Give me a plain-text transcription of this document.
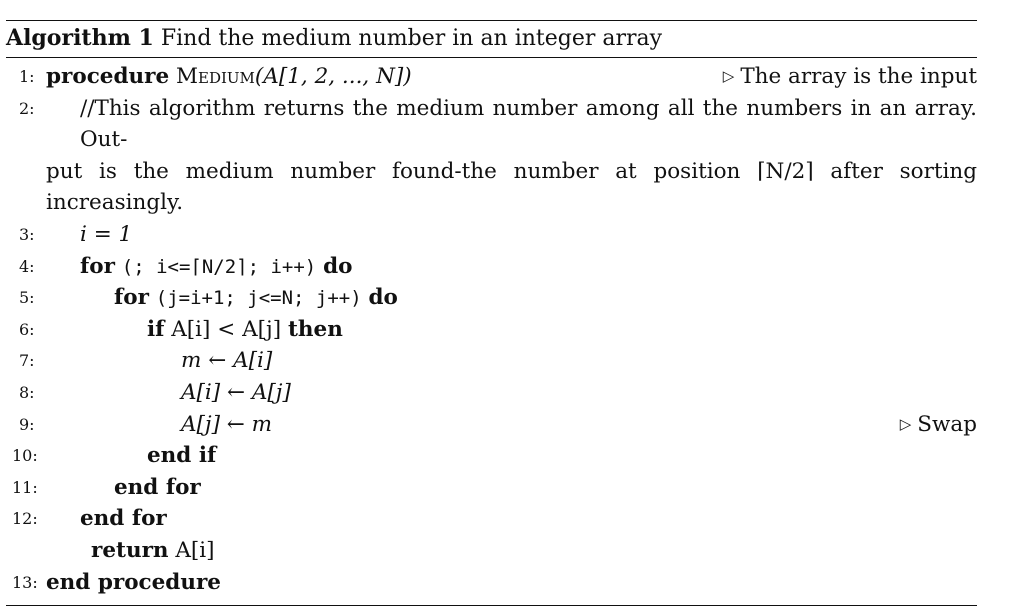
Algorithm 1 Find the medium number in an integer array
1: procedure Medium(A[1, 2, ..., N])	▷ The array is the input
2:	//This algorithm returns the medium number among all the numbers in an array. Out-
put is the medium number found-the number at position ⌈N/2⌉ after sorting increasingly.
3: i = 1
4: for (; i<=⌈N/2⌉; i++) do
5:	for (j=i+1; j<=N; j++) do
6:	if A[i] < A[j] then
7:	m ← A[i]
8:	A[i] ← A[j]
9:	A[j] ← m	▷ Swap
10:	end if
11:	end for
12: end for
return A[i]
13: end procedure
